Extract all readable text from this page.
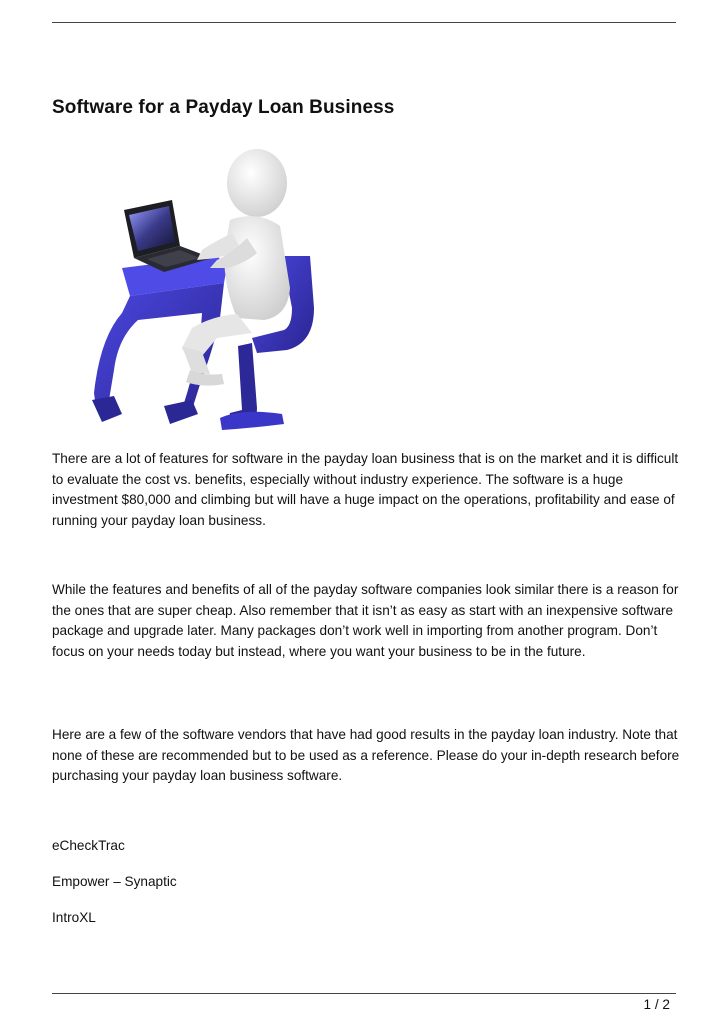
Software for a Payday Loan Business

There are a lot of features for software in the payday loan business that is on the market and it is difficult to evaluate the cost vs. benefits, especially without industry experience. The software is a huge investment $80,000 and climbing but will have a huge impact on the operations, profitability and ease of running your payday loan business.

While the features and benefits of all of the payday software companies look similar there is a reason for the ones that are super cheap. Also remember that it isn’t as easy as start with an inexpensive software package and upgrade later. Many packages don’t work well in importing from another program. Don’t focus on your needs today but instead, where you want your business to be in the future.

Here are a few of the software vendors that have had good results in the payday loan industry. Note that none of these are recommended but to be used as a reference. Please do your in-depth research before purchasing your payday loan business software.

eCheckTrac

Empower – Synaptic

IntroXL

1 / 2
